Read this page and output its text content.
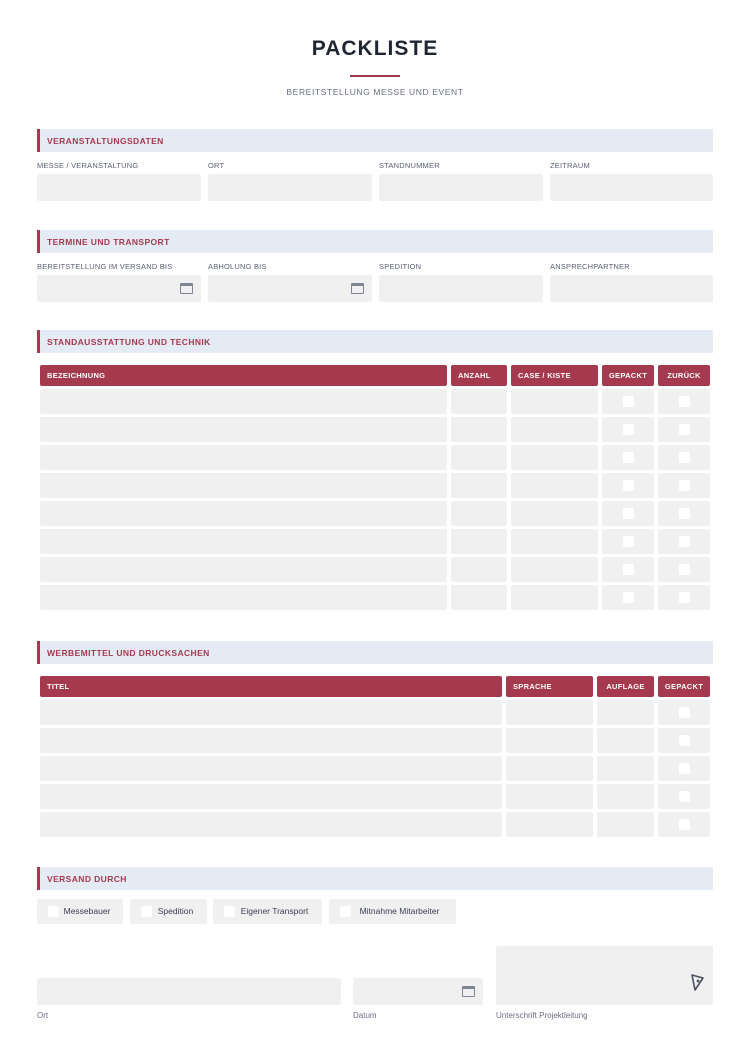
PACKLISTE
BEREITSTELLUNG MESSE UND EVENT
VERANSTALTUNGSDATEN
MESSE / VERANSTALTUNG	ORT	STANDNUMMER	ZEITRAUM
TERMINE UND TRANSPORT
BEREITSTELLUNG IM VERSAND BIS	ABHOLUNG BIS	SPEDITION	ANSPRECHPARTNER
STANDAUSSTATTUNG UND TECHNIK
BEZEICHNUNG	ANZAHL	CASE / KISTE	GEPACKT	ZURÜCK
WERBEMITTEL UND DRUCKSACHEN
TITEL	SPRACHE	AUFLAGE	GEPACKT
VERSAND DURCH
Messebauer	Spedition	Eigener Transport	Mitnahme Mitarbeiter
Ort	Datum	Unterschrift Projektleitung
